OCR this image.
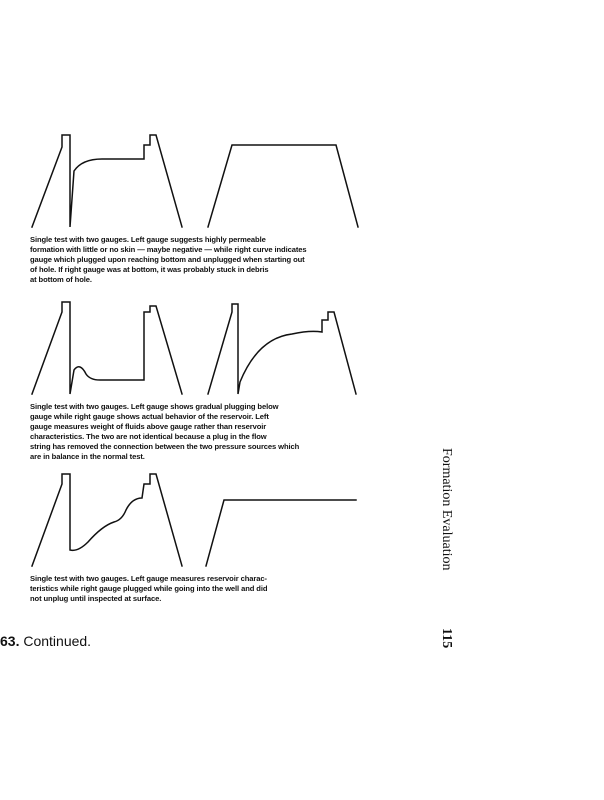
Single test with two gauges. Left gauge suggests highly permeable
formation with little or no skin — maybe negative — while right curve indicates
gauge which plugged upon reaching bottom and unplugged when starting out
of hole. If right gauge was at bottom, it was probably stuck in debris
at bottom of hole.
Single test with two gauges. Left gauge shows gradual plugging below
gauge while right gauge shows actual behavior of the reservoir. Left
gauge measures weight of fluids above gauge rather than reservoir
characteristics. The two are not identical because a plug in the flow
string has removed the connection between the two pressure sources which
are in balance in the normal test.
Single test with two gauges. Left gauge measures reservoir charac-
teristics while right gauge plugged while going into the well and did
not unplug until inspected at surface.
63. Continued.
Formation Evaluation
115
